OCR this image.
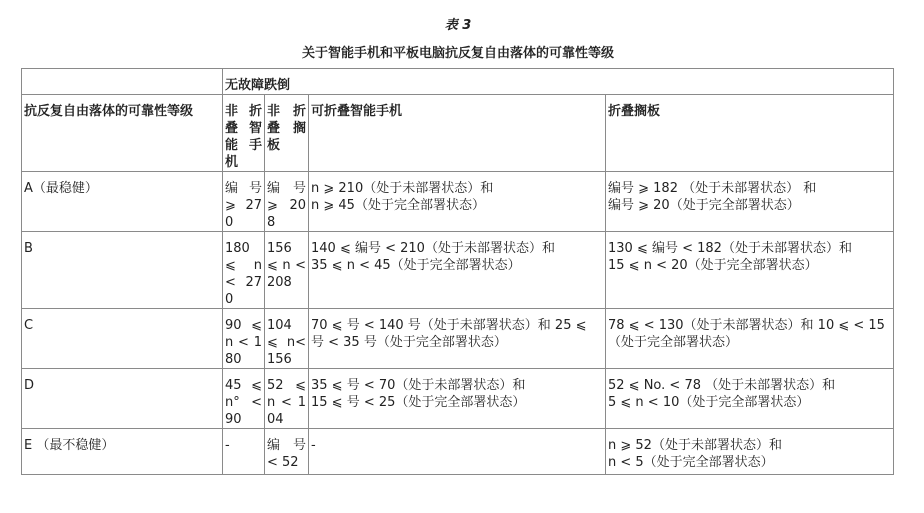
表 3
关于智能手机和平板电脑抗反复自由落体的可靠性等级
	无故障跌倒			
抗反复自由落体的可靠性等级	非 折叠 智能 手机	非 折叠 搁板	可折叠智能手机	折叠搁板
A（最稳健）	编 号 ⩾ 270	编 号 ⩾ 208	n ⩾ 210（处于未部署状态）和
n ⩾ 45（处于完全部署状态）	编号 ⩾ 182 （处于未部署状态） 和
编号 ⩾ 20（处于完全部署状态）

B	180 ⩽ n < 270	156 ⩽ n < 208	140 ⩽ 编号 < 210（处于未部署状态）和
35 ⩽ n < 45（处于完全部署状态）	130 ⩽ 编号 < 182（处于未部署状态）和
15 ⩽ n < 20（处于完全部署状态）

C	90 ⩽ n < 180	104 ⩽ n< 156	70 ⩽ 号 < 140 号（处于未部署状态）和 25 ⩽
号 < 35 号（处于完全部署状态）	78 ⩽ < 130（处于未部署状态）和 10 ⩽ < 15
（处于完全部署状态）

D	45 ⩽ n° < 90	52 ⩽ n < 104	35 ⩽ 号 < 70（处于未部署状态）和
15 ⩽ 号 < 25（处于完全部署状态）	52 ⩽ No. < 78 （处于未部署状态）和
5 ⩽ n < 10（处于完全部署状态）

E （最不稳健）	-	编 号 < 52	-	n ⩾ 52（处于未部署状态）和
n < 5（处于完全部署状态）
